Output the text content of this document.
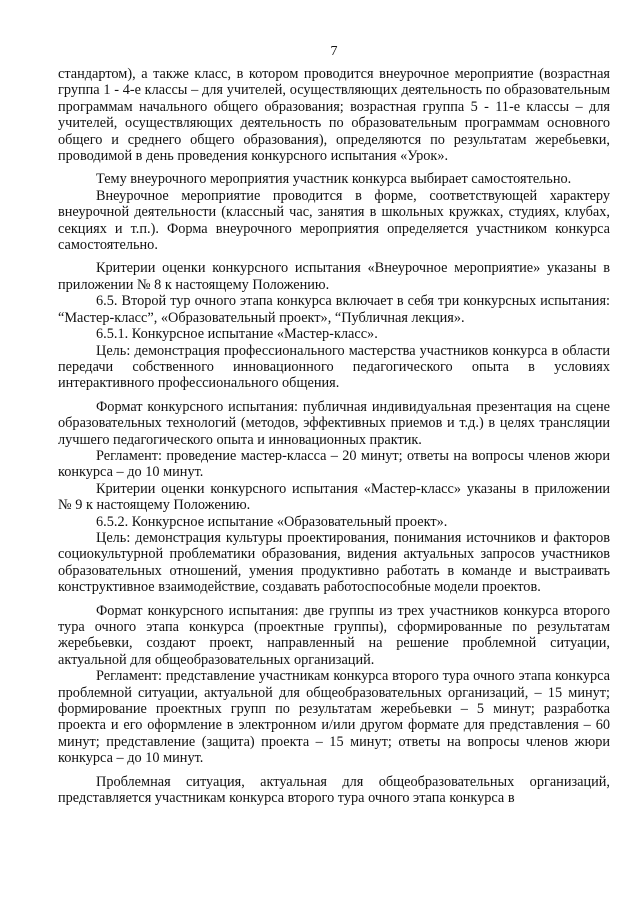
7

стандартом), а также класс, в котором проводится внеурочное мероприятие (возрастная группа 1 - 4-е классы – для учителей, осуществляющих деятельность по образовательным программам начального общего образования; возрастная группа 5 - 11-е классы – для учителей, осуществляющих деятельность по образовательным программам основного общего и среднего общего образования), определяются по результатам жеребьевки, проводимой в день проведения конкурсного испытания «Урок».

Тему внеурочного мероприятия участник конкурса выбирает самостоятельно.

Внеурочное мероприятие проводится в форме, соответствующей характеру внеурочной деятельности (классный час, занятия в школьных кружках, студиях, клубах, секциях и т.п.). Форма внеурочного мероприятия определяется участником конкурса самостоятельно.

Критерии оценки конкурсного испытания «Внеурочное мероприятие» указаны в приложении № 8 к настоящему Положению.

6.5. Второй тур очного этапа конкурса включает в себя три конкурсных испытания: “Мастер-класс”, «Образовательный проект», “Публичная лекция».

6.5.1. Конкурсное испытание «Мастер-класс».

Цель: демонстрация профессионального мастерства участников конкурса в области передачи собственного инновационного педагогического опыта в условиях интерактивного профессионального общения.

Формат конкурсного испытания: публичная индивидуальная презентация на сцене образовательных технологий (методов, эффективных приемов и т.д.) в целях трансляции лучшего педагогического опыта и инновационных практик.

Регламент: проведение мастер-класса – 20 минут; ответы на вопросы членов жюри конкурса – до 10 минут.

Критерии оценки конкурсного испытания «Мастер-класс» указаны в приложении № 9 к настоящему Положению.

6.5.2. Конкурсное испытание «Образовательный проект».

Цель: демонстрация культуры проектирования, понимания источников и факторов социокультурной проблематики образования, видения актуальных запросов участников образовательных отношений, умения продуктивно работать в команде и выстраивать конструктивное взаимодействие, создавать работоспособные модели проектов.

Формат конкурсного испытания: две группы из трех участников конкурса второго тура очного этапа конкурса (проектные группы), сформированные по результатам жеребьевки, создают проект, направленный на решение проблемной ситуации, актуальной для общеобразовательных организаций.

Регламент: представление участникам конкурса второго тура очного этапа конкурса проблемной ситуации, актуальной для общеобразовательных организаций, – 15 минут; формирование проектных групп по результатам жеребьевки – 5 минут; разработка проекта и его оформление в электронном и/или другом формате для представления – 60 минут; представление (защита) проекта – 15 минут; ответы на вопросы членов жюри конкурса – до 10 минут.

Проблемная ситуация, актуальная для общеобразовательных организаций, представляется участникам конкурса второго тура очного этапа конкурса в
